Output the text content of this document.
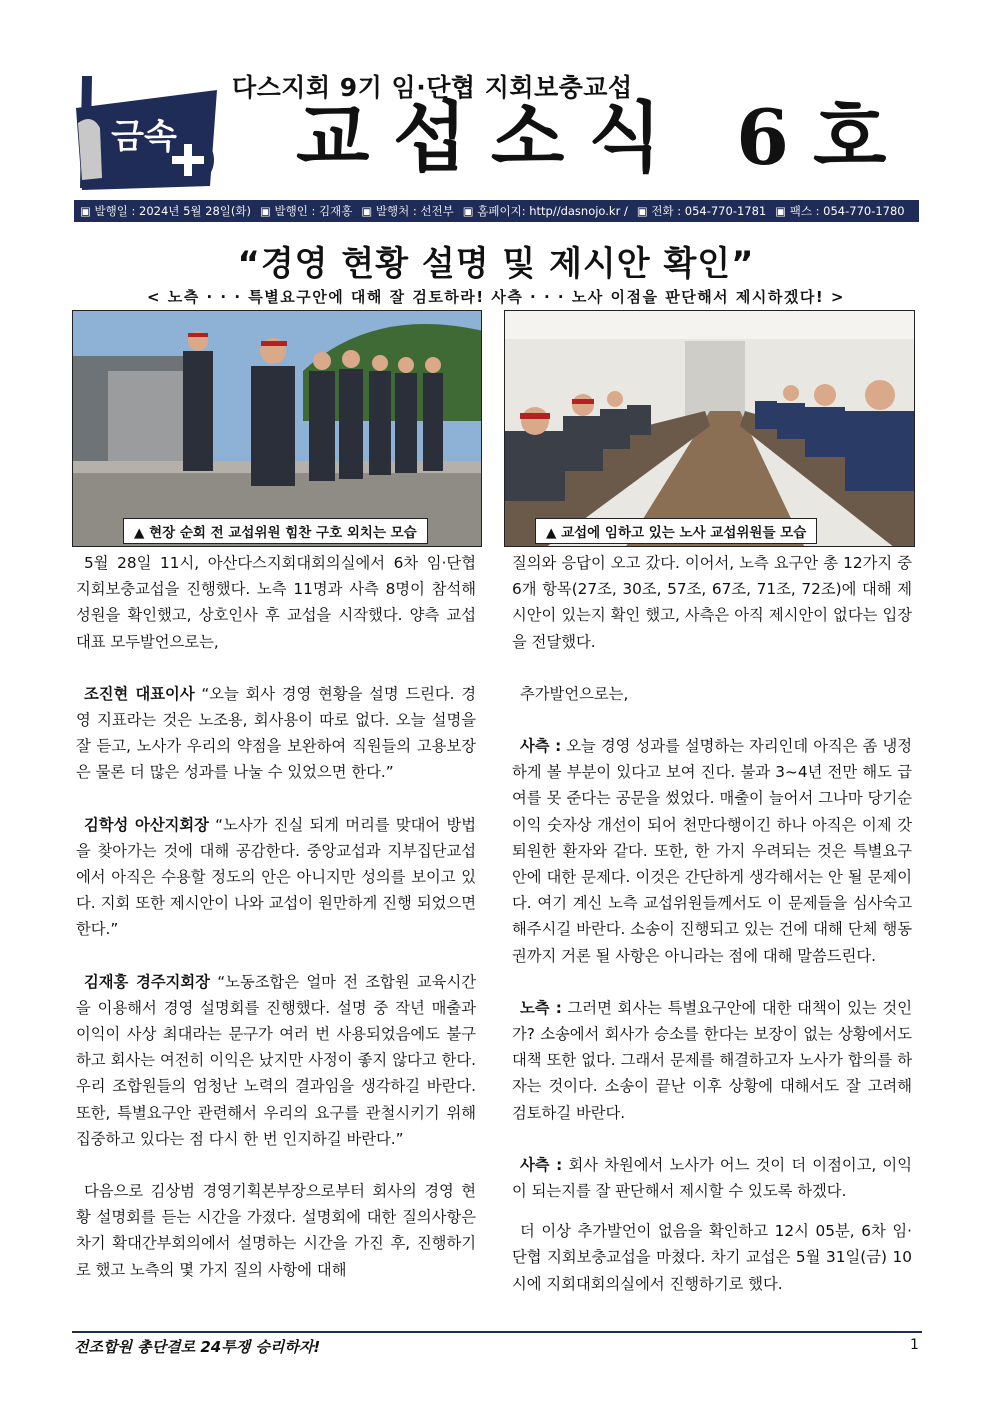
금속
다스지회 9기 임·단협 지회보충교섭
교섭소식 6호
▣ 발행일 : 2024년 5월 28일(화) ▣ 발행인 : 김재홍 ▣ 발행처 : 선전부 ▣ 홈페이지: http//dasnojo.kr / ▣ 전화 : 054-770-1781 ▣ 팩스 : 054-770-1780
“경영 현황 설명 및 제시안 확인”
< 노측 · · · 특별요구안에 대해 잘 검토하라! 사측 · · · 노사 이점을 판단해서 제시하겠다! >
▲ 현장 순회 전 교섭위원 힘찬 구호 외치는 모습	▲ 교섭에 임하고 있는 노사 교섭위원들 모습

5월 28일 11시, 아산다스지회대회의실에서 6차 임·단협 지회보충교섭을 진행했다. 노측 11명과 사측 8명이 참석해 성원을 확인했고, 상호인사 후 교섭을 시작했다. 양측 교섭 대표 모두발언으로는,

조진현 대표이사 “오늘 회사 경영 현황을 설명 드린다. 경영 지표라는 것은 노조용, 회사용이 따로 없다. 오늘 설명을 잘 듣고, 노사가 우리의 약점을 보완하여 직원들의 고용보장은 물론 더 많은 성과를 나눌 수 있었으면 한다.”

김학성 아산지회장 “노사가 진실 되게 머리를 맞대어 방법을 찾아가는 것에 대해 공감한다. 중앙교섭과 지부집단교섭에서 아직은 수용할 정도의 안은 아니지만 성의를 보이고 있다. 지회 또한 제시안이 나와 교섭이 원만하게 진행 되었으면 한다.”

김재홍 경주지회장 “노동조합은 얼마 전 조합원 교육시간을 이용해서 경영 설명회를 진행했다. 설명 중 작년 매출과 이익이 사상 최대라는 문구가 여러 번 사용되었음에도 불구하고 회사는 여전히 이익은 났지만 사정이 좋지 않다고 한다. 우리 조합원들의 엄청난 노력의 결과임을 생각하길 바란다. 또한, 특별요구안 관련해서 우리의 요구를 관철시키기 위해 집중하고 있다는 점 다시 한 번 인지하길 바란다.”

다음으로 김상범 경영기획본부장으로부터 회사의 경영 현황 설명회를 듣는 시간을 가졌다. 설명회에 대한 질의사항은 차기 확대간부회의에서 설명하는 시간을 가진 후, 진행하기로 했고 노측의 몇 가지 질의 사항에 대해

질의와 응답이 오고 갔다. 이어서, 노측 요구안 총 12가지 중 6개 항목(27조, 30조, 57조, 67조, 71조, 72조)에 대해 제시안이 있는지 확인 했고, 사측은 아직 제시안이 없다는 입장을 전달했다.

추가발언으로는,

사측 : 오늘 경영 성과를 설명하는 자리인데 아직은 좀 냉정하게 볼 부분이 있다고 보여 진다. 불과 3~4년 전만 해도 급여를 못 준다는 공문을 썼었다. 매출이 늘어서 그나마 당기순이익 숫자상 개선이 되어 천만다행이긴 하나 아직은 이제 갓 퇴원한 환자와 같다. 또한, 한 가지 우려되는 것은 특별요구안에 대한 문제다. 이것은 간단하게 생각해서는 안 될 문제이다. 여기 계신 노측 교섭위원들께서도 이 문제들을 심사숙고 해주시길 바란다. 소송이 진행되고 있는 건에 대해 단체 행동권까지 거론 될 사항은 아니라는 점에 대해 말씀드린다.

노측 : 그러면 회사는 특별요구안에 대한 대책이 있는 것인가? 소송에서 회사가 승소를 한다는 보장이 없는 상황에서도 대책 또한 없다. 그래서 문제를 해결하고자 노사가 합의를 하자는 것이다. 소송이 끝난 이후 상황에 대해서도 잘 고려해 검토하길 바란다.

사측 : 회사 차원에서 노사가 어느 것이 더 이점이고, 이익이 되는지를 잘 판단해서 제시할 수 있도록 하겠다.

더 이상 추가발언이 없음을 확인하고 12시 05분, 6차 임·단협 지회보충교섭을 마쳤다. 차기 교섭은 5월 31일(금) 10시에 지회대회의실에서 진행하기로 했다.

전조합원 총단결로 24투쟁 승리하자!	1
